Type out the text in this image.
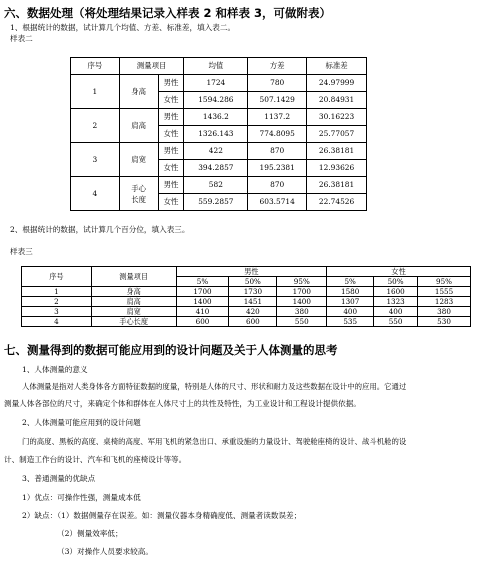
六、数据处理（将处理结果记录入样表 2 和样表 3，可做附表）
1、根据统计的数据，试计算几个均值、方差、标准差，填入表二。
样表二
序号	测量项目		均值	方差	标准差
1	身高	男性	1724	780	24.97999
		女性	1594.286	507.1429	20.84931
2	肩高	男性	1436.2	1137.2	30.16223
		女性	1326.143	774.8095	25.77057
3	肩宽	男性	422	870	26.38181
		女性	394.2857	195.2381	12.93626
4	手心长度	男性	582	870	26.38181
		女性	559.2857	603.5714	22.74526
2、根据统计的数据，试计算几个百分位，填入表三。
样表三
序号	测量项目	男性			女性		
		5%	50%	95%	5%	50%	95%
1	身高	1700	1730	1700	1580	1600	1555
2	肩高	1400	1451	1400	1307	1323	1283
3	肩宽	410	420	380	400	400	380
4	手心长度	600	600	550	535	550	530
七、测量得到的数据可能应用到的设计问题及关于人体测量的思考
1、人体测量的意义
人体测量是指对人类身体各方面特征数据的度量，特别是人体的尺寸、形状和耐力及这些数据在设计中的应用。它通过
测量人体各部位的尺寸，来确定个体和群体在人体尺寸上的共性及特性，为工业设计和工程设计提供依据。
2、人体测量可能应用到的设计问题
门的高度、黑板的高度、桌椅的高度、军用飞机的紧急出口、承重设施的力量设计、驾驶舱座椅的设计、战斗机舱的设
计、制造工作台的设计、汽车和飞机的座椅设计等等。
3、普通测量的优缺点
1）优点：可操作性强，测量成本低
2）缺点：（1）数据侧量存在误差。如：测量仪器本身精确度低、测量者读数误差；
（2）侧量效率低；
（3）对操作人员要求较高。
